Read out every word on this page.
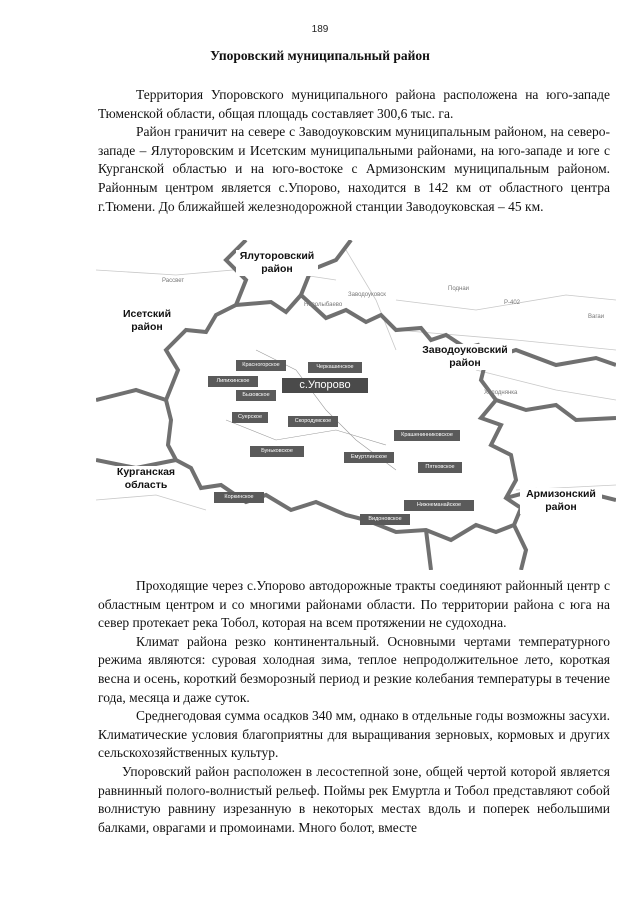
189
Упоровский муниципальный район

Территория Упоровского муниципального района расположена на юго-западе Тюменской области, общая площадь составляет 300,6 тыс. га.

Район граничит на севере с Заводоуковским муниципальным районом, на северо-западе – Ялуторовским и Исетским муниципальными районами, на юго-западе и юге с Курганской областью и на юго-востоке с Армизонским муниципальным районом. Районным центром является с.Упорово, находится в 142 км от областного центра г.Тюмени. До ближайшей железнодорожной станции Заводоуковская – 45 км.

Ялуторовский район
Исетский район
Заводоуковский район
Курганская область
Армизонский район
Заводоуковск
Новолыбаево	Р-402
Поднаи
Холоднянка
Рассвет
Вагаи
Красногорское	Черкашинское
Липихинское
Бызовское
с.Упорово
Суерское
Скородумское
Крашенинниковское
Буньковское
Емуртлинское
Пятковское
Коркинское
Нижнеманайское
Видоновское

Проходящие через с.Упорово автодорожные тракты соединяют районный центр с областным центром и со многими районами области. По территории района с юга на север протекает река Тобол, которая на всем протяжении не судоходна.

Климат района резко континентальный. Основными чертами температурного режима являются: суровая холодная зима, теплое непродолжительное лето, короткая весна и осень, короткий безморозный период и резкие колебания температуры в течение года, месяца и даже суток.

Среднегодовая сумма осадков 340 мм, однако в отдельные годы возможны засухи. Климатические условия благоприятны для выращивания зерновых, кормовых и других сельскохозяйственных культур.

Упоровский район расположен в лесостепной зоне, общей чертой которой является равнинный полого-волнистый рельеф. Поймы рек Емуртла и Тобол представляют собой волнистую равнину изрезанную в некоторых местах вдоль и поперек небольшими балками, оврагами и промоинами. Много болот, вместе
